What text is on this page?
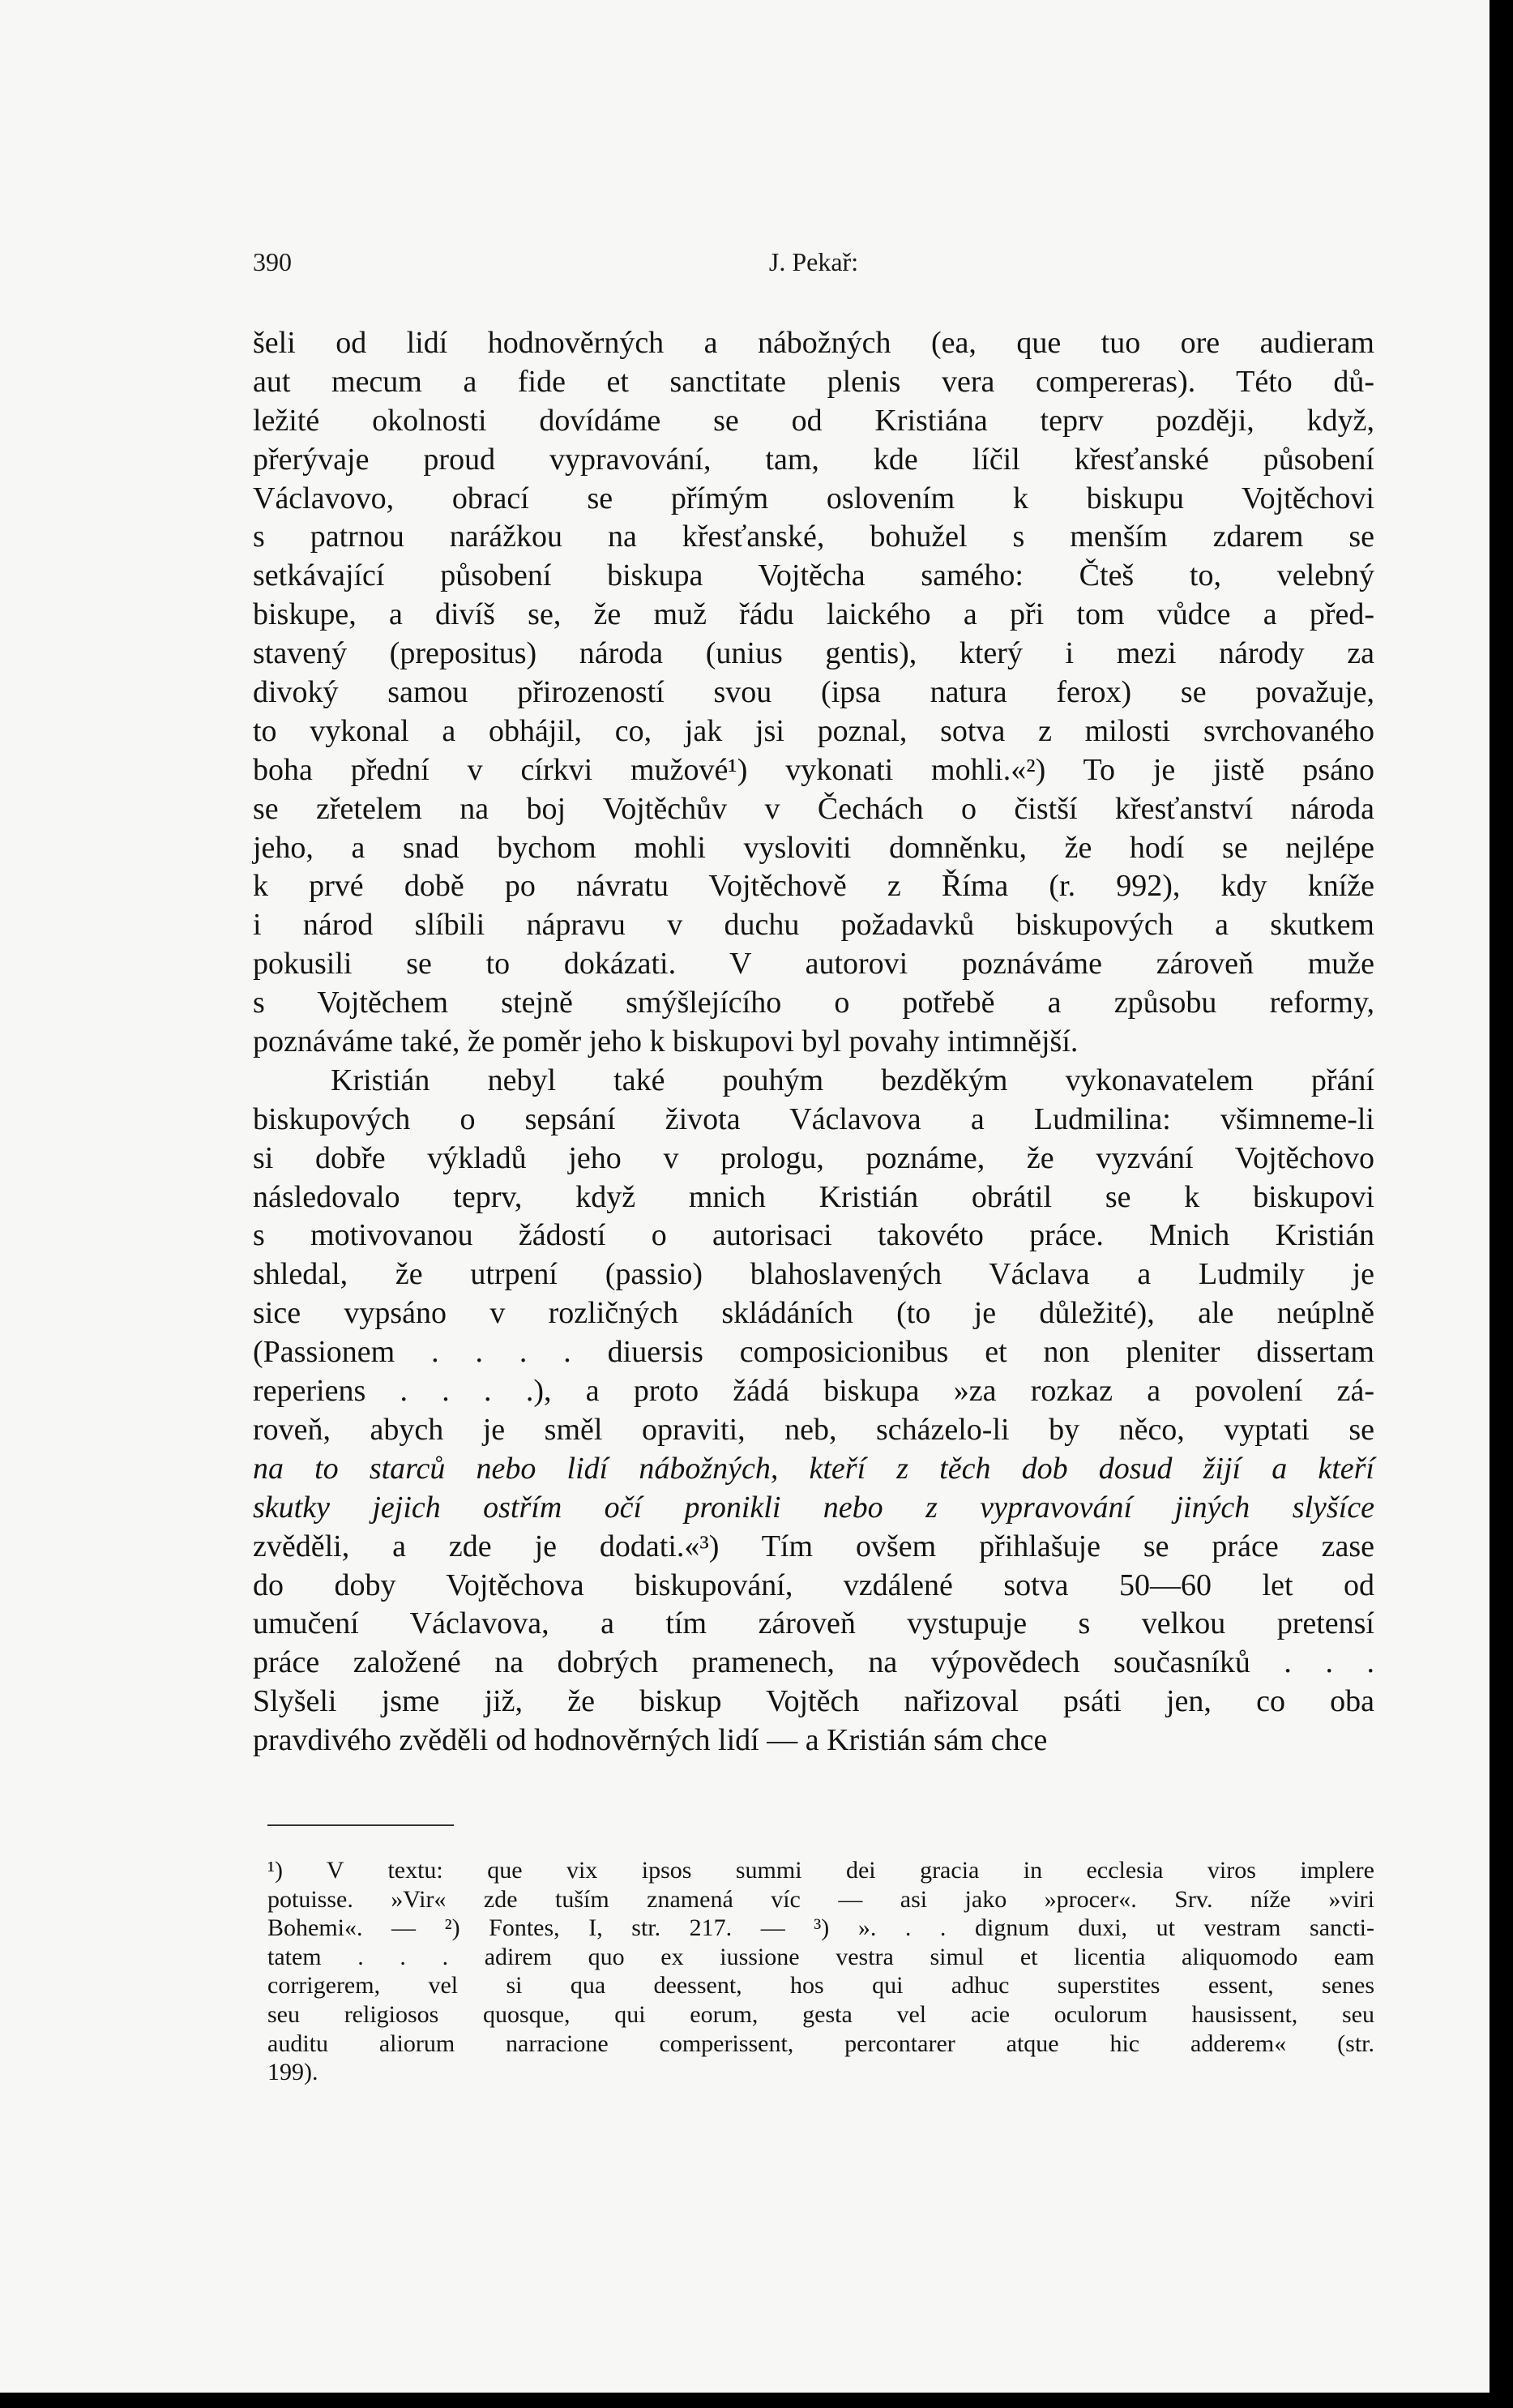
390	J. Pekař:
šeli od lidí hodnověrných a nábožných (ea, que tuo ore audieram
aut mecum a fide et sanctitate plenis vera compereras). Této dů-
ležité okolnosti dovídáme se od Kristiána teprv později, když,
přerývaje proud vypravování, tam, kde líčil křesťanské působení
Václavovo, obrací se přímým oslovením k biskupu Vojtěchovi
s patrnou narážkou na křesťanské, bohužel s menším zdarem se
setkávající působení biskupa Vojtěcha samého: Čteš to, velebný
biskupe, a divíš se, že muž řádu laického a při tom vůdce a před-
stavený (prepositus) národa (unius gentis), který i mezi národy za
divoký samou přirozeností svou (ipsa natura ferox) se považuje,
to vykonal a obhájil, co, jak jsi poznal, sotva z milosti svrchovaného
boha přední v církvi mužové¹) vykonati mohli.«²) To je jistě psáno
se zřetelem na boj Vojtěchův v Čechách o čistší křesťanství národa
jeho, a snad bychom mohli vysloviti domněnku, že hodí se nejlépe
k prvé době po návratu Vojtěchově z Říma (r. 992), kdy kníže
i národ slíbili nápravu v duchu požadavků biskupových a skutkem
pokusili se to dokázati. V autorovi poznáváme zároveň muže
s Vojtěchem stejně smýšlejícího o potřebě a způsobu reformy,
poznáváme také, že poměr jeho k biskupovi byl povahy intimnější.
Kristián nebyl také pouhým bezděkým vykonavatelem přání
biskupových o sepsání života Václavova a Ludmilina: všimneme-li
si dobře výkladů jeho v prologu, poznáme, že vyzvání Vojtěchovo
následovalo teprv, když mnich Kristián obrátil se k biskupovi
s motivovanou žádostí o autorisaci takovéto práce. Mnich Kristián
shledal, že utrpení (passio) blahoslavených Václava a Ludmily je
sice vypsáno v rozličných skládáních (to je důležité), ale neúplně
(Passionem . . . . diuersis composicionibus et non pleniter dissertam
reperiens . . . .), a proto žádá biskupa »za rozkaz a povolení zá-
roveň, abych je směl opraviti, neb, scházelo-li by něco, vyptati se
na to starců nebo lidí nábožných, kteří z těch dob dosud žijí a kteří
skutky jejich ostřím očí pronikli nebo z vypravování jiných slyšíce
zvěděli, a zde je dodati.«³) Tím ovšem přihlašuje se práce zase
do doby Vojtěchova biskupování, vzdálené sotva 50—60 let od
umučení Václavova, a tím zároveň vystupuje s velkou pretensí
práce založené na dobrých pramenech, na výpovědech současníků . . .
Slyšeli jsme již, že biskup Vojtěch nařizoval psáti jen, co oba
pravdivého zvěděli od hodnověrných lidí — a Kristián sám chce
¹) V textu: que vix ipsos summi dei gracia in ecclesia viros implere
potuisse. »Vir« zde tuším znamená víc — asi jako »procer«. Srv. níže »viri
Bohemi«. — ²) Fontes, I, str. 217. — ³) ». . . dignum duxi, ut vestram sancti-
tatem . . . adirem quo ex iussione vestra simul et licentia aliquomodo eam
corrigerem, vel si qua deessent, hos qui adhuc superstites essent, senes
seu religiosos quosque, qui eorum, gesta vel acie oculorum hausissent, seu
auditu aliorum narracione comperissent, percontarer atque hic adderem« (str.
199).
